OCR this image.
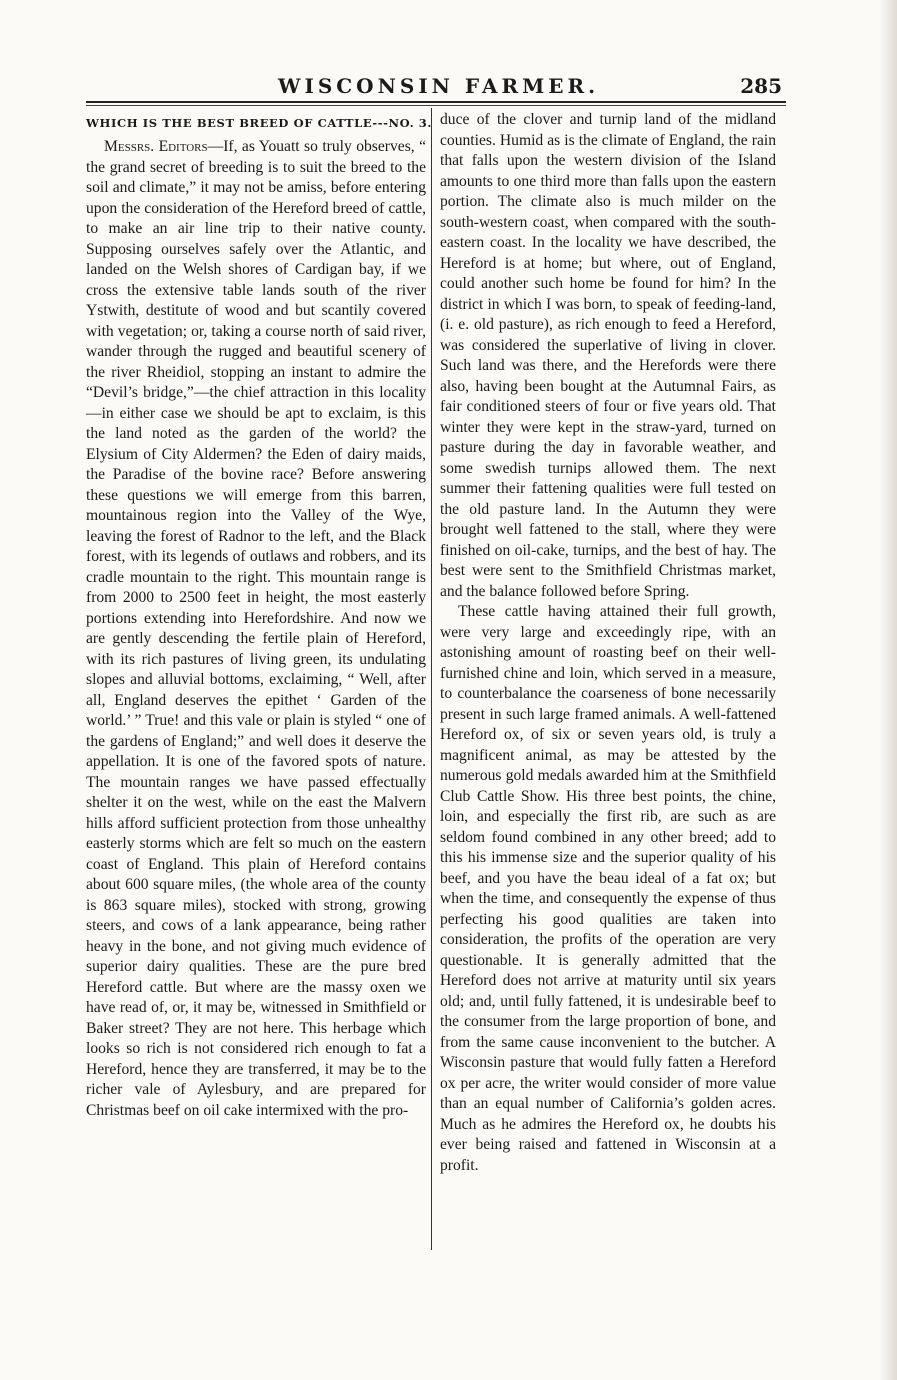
WISCONSIN FARMER.	285
WHICH IS THE BEST BREED OF CATTLE---NO. 3.

Messrs. Editors—If, as Youatt so truly observes, “ the grand secret of breeding is to suit the breed to the soil and climate,” it may not be amiss, before entering upon the consideration of the Hereford breed of cattle, to make an air line trip to their native county. Supposing ourselves safely over the Atlantic, and landed on the Welsh shores of Cardigan bay, if we cross the extensive table lands south of the river Ystwith, destitute of wood and but scantily covered with vegetation; or, taking a course north of said river, wander through the rugged and beautiful scenery of the river Rheidiol, stopping an instant to admire the “Devil’s bridge,”—the chief attraction in this locality —in either case we should be apt to exclaim, is this the land noted as the garden of the world? the Elysium of City Aldermen? the Eden of dairy maids, the Paradise of the bovine race? Before answering these questions we will emerge from this barren, mountainous region into the Valley of the Wye, leaving the forest of Radnor to the left, and the Black forest, with its legends of outlaws and robbers, and its cradle mountain to the right. This mountain range is from 2000 to 2500 feet in height, the most easterly portions extending into Herefordshire. And now we are gently descending the fertile plain of Hereford, with its rich pastures of living green, its undulating slopes and alluvial bottoms, exclaiming, “ Well, after all, England deserves the epithet ‘ Garden of the world.’ ” True! and this vale or plain is styled “ one of the gardens of England;” and well does it deserve the appellation. It is one of the favored spots of nature. The mountain ranges we have passed effectually shelter it on the west, while on the east the Malvern hills afford sufficient protection from those unhealthy easterly storms which are felt so much on the eastern coast of England. This plain of Hereford contains about 600 square miles, (the whole area of the county is 863 square miles), stocked with strong, growing steers, and cows of a lank appearance, being rather heavy in the bone, and not giving much evidence of superior dairy qualities. These are the pure bred Hereford cattle. But where are the massy oxen we have read of, or, it may be, witnessed in Smithfield or Baker street? They are not here. This herbage which looks so rich is not considered rich enough to fat a Hereford, hence they are transferred, it may be to the richer vale of Aylesbury, and are prepared for Christmas beef on oil cake intermixed with the pro-

duce of the clover and turnip land of the midland counties. Humid as is the climate of England, the rain that falls upon the western division of the Island amounts to one third more than falls upon the eastern portion. The climate also is much milder on the south-western coast, when compared with the south-eastern coast. In the locality we have described, the Hereford is at home; but where, out of England, could another such home be found for him? In the district in which I was born, to speak of feeding-land, (i. e. old pasture), as rich enough to feed a Hereford, was considered the superlative of living in clover. Such land was there, and the Herefords were there also, having been bought at the Autumnal Fairs, as fair conditioned steers of four or five years old. That winter they were kept in the straw-yard, turned on pasture during the day in favorable weather, and some swedish turnips allowed them. The next summer their fattening qualities were full tested on the old pasture land. In the Autumn they were brought well fattened to the stall, where they were finished on oil-cake, turnips, and the best of hay. The best were sent to the Smithfield Christmas market, and the balance followed before Spring.

These cattle having attained their full growth, were very large and exceedingly ripe, with an astonishing amount of roasting beef on their well-furnished chine and loin, which served in a measure, to counterbalance the coarseness of bone necessarily present in such large framed animals. A well-fattened Hereford ox, of six or seven years old, is truly a magnificent animal, as may be attested by the numerous gold medals awarded him at the Smithfield Club Cattle Show. His three best points, the chine, loin, and especially the first rib, are such as are seldom found combined in any other breed; add to this his immense size and the superior quality of his beef, and you have the beau ideal of a fat ox; but when the time, and consequently the expense of thus perfecting his good qualities are taken into consideration, the profits of the operation are very questionable. It is generally admitted that the Hereford does not arrive at maturity until six years old; and, until fully fattened, it is undesirable beef to the consumer from the large proportion of bone, and from the same cause inconvenient to the butcher. A Wisconsin pasture that would fully fatten a Hereford ox per acre, the writer would consider of more value than an equal number of California’s golden acres. Much as he admires the Hereford ox, he doubts his ever being raised and fattened in Wisconsin at a profit.
